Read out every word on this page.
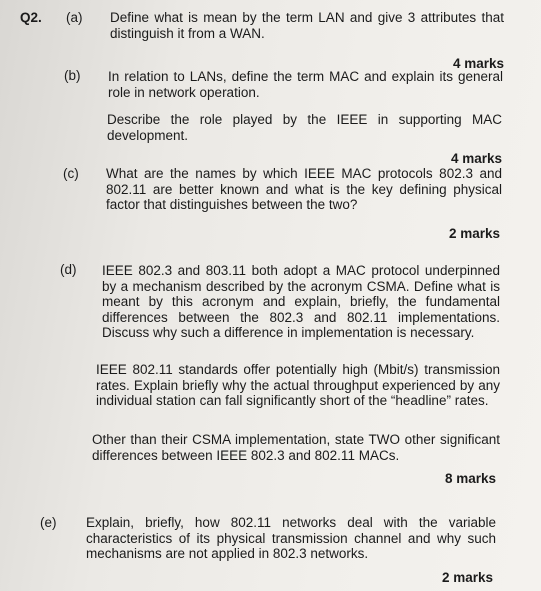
Q2. (a) Define what is mean by the term LAN and give 3 attributes that distinguish it from a WAN.

4 marks
(b) In relation to LANs, define the term MAC and explain its general role in network operation.

Describe the role played by the IEEE in supporting MAC development.

4 marks
(c) What are the names by which IEEE MAC protocols 802.3 and 802.11 are better known and what is the key defining physical factor that distinguishes between the two?

2 marks
(d) IEEE 802.3 and 803.11 both adopt a MAC protocol underpinned by a mechanism described by the acronym CSMA. Define what is meant by this acronym and explain, briefly, the fundamental differences between the 802.3 and 802.11 implementations. Discuss why such a difference in implementation is necessary.

IEEE 802.11 standards offer potentially high (Mbit/s) transmission rates. Explain briefly why the actual throughput experienced by any individual station can fall significantly short of the “headline” rates.

Other than their CSMA implementation, state TWO other significant differences between IEEE 802.3 and 802.11 MACs.

8 marks
(e) Explain, briefly, how 802.11 networks deal with the variable characteristics of its physical transmission channel and why such mechanisms are not applied in 802.3 networks.

2 marks
